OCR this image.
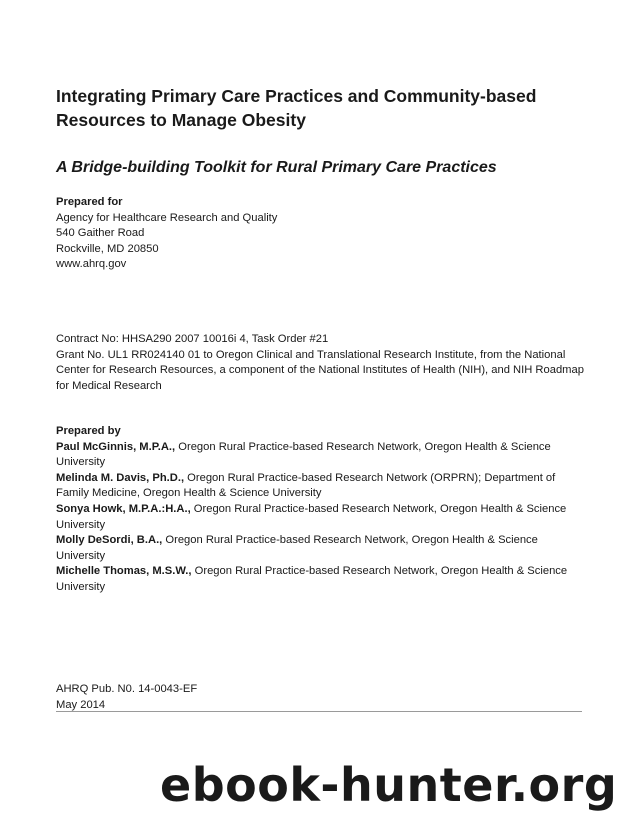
Integrating Primary Care Practices and Community-based Resources to Manage Obesity
A Bridge-building Toolkit for Rural Primary Care Practices

Prepared for

Agency for Healthcare Research and Quality

540 Gaither Road

Rockville, MD 20850

www.ahrq.gov

Contract No: HHSA290 2007 10016i 4, Task Order #21

Grant No. UL1 RR024140 01 to Oregon Clinical and Translational Research Institute, from the National Center for Research Resources, a component of the National Institutes of Health (NIH), and NIH Roadmap for Medical Research

Prepared by

Paul McGinnis, M.P.A., Oregon Rural Practice-based Research Network, Oregon Health & Science University

Melinda M. Davis, Ph.D., Oregon Rural Practice-based Research Network (ORPRN); Department of Family Medicine, Oregon Health & Science University

Sonya Howk, M.P.A.:H.A., Oregon Rural Practice-based Research Network, Oregon Health & Science University

Molly DeSordi, B.A., Oregon Rural Practice-based Research Network, Oregon Health & Science University

Michelle Thomas, M.S.W., Oregon Rural Practice-based Research Network, Oregon Health & Science University

AHRQ Pub. N0. 14-0043-EF

May 2014

ebook-hunter.org
